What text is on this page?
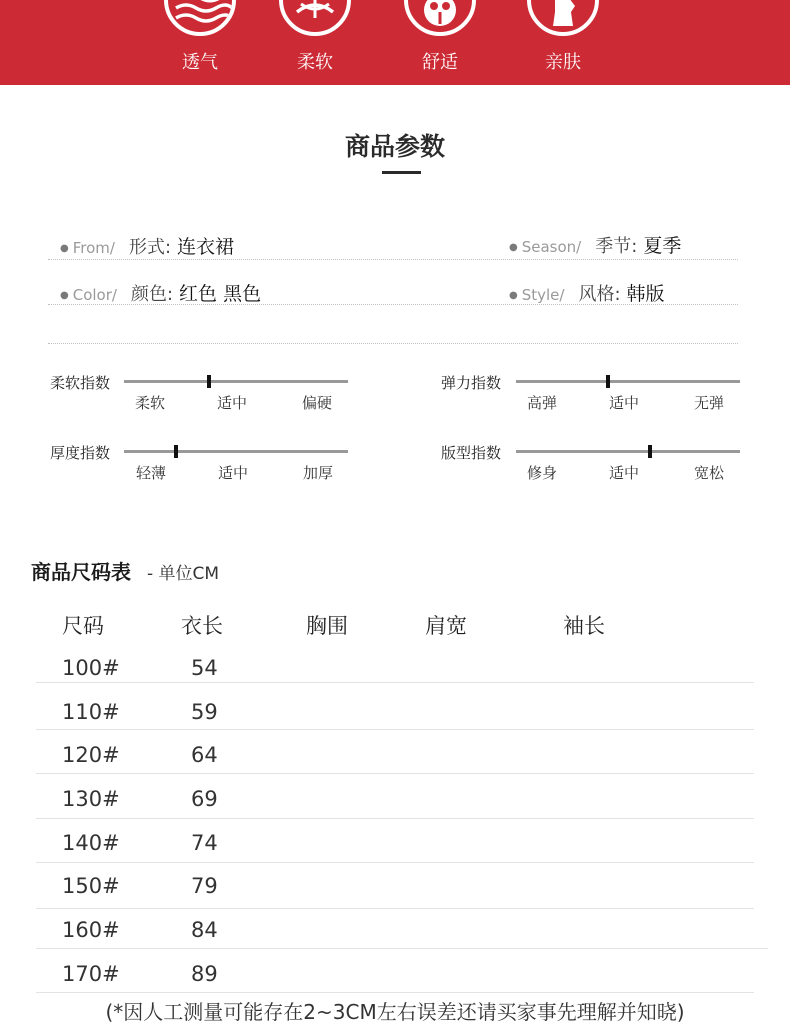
透气	柔软	舒适	亲肤
商品参数
● From/ 形式: 连衣裙	● Season/ 季节: 夏季
● Color/ 颜色: 红色 黑色	● Style/ 风格: 韩版
柔软指数
柔软	适中	偏硬
弹力指数
高弹	适中	无弹
厚度指数
轻薄	适中	加厚
版型指数
修身	适中	宽松
商品尺码表 - 单位CM
尺码	衣长	胸围	肩宽	袖长
100#	54
110#	59
120#	64
130#	69
140#	74
150#	79
160#	84
170#	89
(*因人工测量可能存在2~3CM左右误差还请买家事先理解并知晓)
